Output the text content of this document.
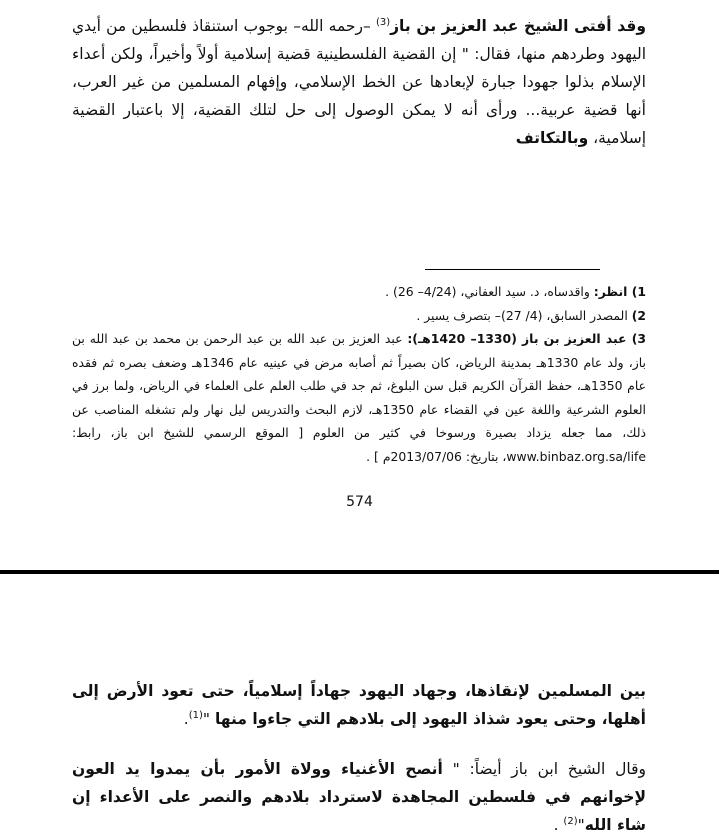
وقد أفتى الشيخ عبد العزيز بن باز$^{(3)}$ –رحمه الله– بوجوب استنقاذ فلسطين من أيدي اليهود وطردهم منها، فقال: " إن القضية الفلسطينية قضية إسلامية أولاً وأخيراً، ولكن أعداء الإسلام بذلوا جهودا جبارة لإبعادها عن الخط الإسلامي، وإفهام المسلمين من غير العرب، أنها قضية عربية... ورأى أنه لا يمكن الوصول إلى حل لتلك القضية، إلا باعتبار القضية إسلامية، وبالتكاتف

1) انظر: واقدساه، د. سيد العفاني، (4/24– 26) .

2) المصدر السابق، (4/ 27)– بتصرف يسير .

3) عبد العزيز بن باز (1330– 1420هـ): عبد العزيز بن عبد الله بن عبد الرحمن بن محمد بن عبد الله بن باز، ولد عام 1330هـ بمدينة الرياض، كان بصيراً ثم أصابه مرض في عينيه عام 1346هـ وضعف بصره ثم فقده عام 1350هـ، حفظ القرآن الكريم قبل سن البلوغ، ثم جد في طلب العلم على العلماء في الرياض، ولما برز في العلوم الشرعية واللغة عين في القضاء عام 1350هـ، لازم البحث والتدريس ليل نهار ولم تشغله المناصب عن ذلك، مما جعله يزداد بصيرة ورسوخا في كثير من العلوم [ الموقع الرسمي للشيخ ابن باز، رابط: www.binbaz.org.sa/life، بتاريخ: 2013/07/06م ] .

574

بين المسلمين لإنقاذها، وجهاد اليهود جهاداً إسلامياً، حتى تعود الأرض إلى أهلها، وحتى يعود شذاذ اليهود إلى بلادهم التي جاءوا منها "$^{(1)}$.

وقال الشيخ ابن باز أيضاً: " أنصح الأغنياء وولاة الأمور بأن يمدوا يد العون لإخوانهم في فلسطين المجاهدة لاسترداد بلادهم والنصر على الأعداء إن شاء الله"$^{(2)}$ .
